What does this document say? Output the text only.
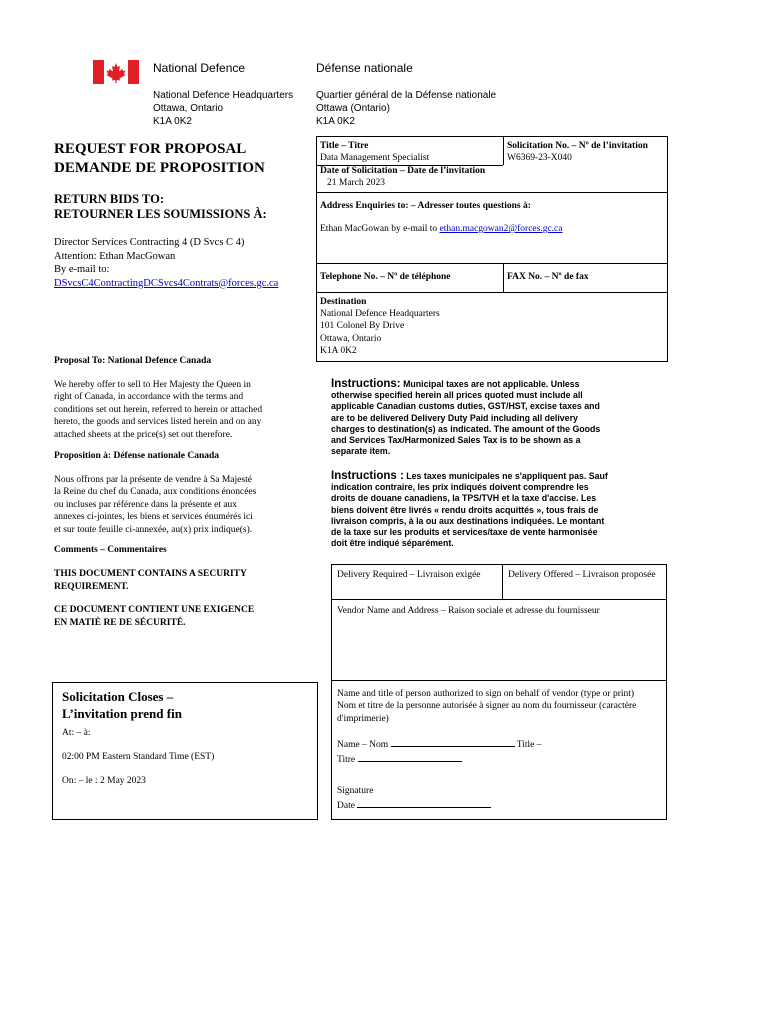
National Defence	Défense nationale
National Defence Headquarters
Ottawa, Ontario
K1A 0K2
Quartier général de la Défense nationale
Ottawa (Ontario)
K1A 0K2
REQUEST FOR PROPOSAL
DEMANDE DE PROPOSITION
RETURN BIDS TO:
RETOURNER LES SOUMISSIONS À:
Director Services Contracting 4 (D Svcs C 4)
Attention: Ethan MacGowan
By e-mail to:
DSvcsC4ContractingDCSvcs4Contrats@forces.gc.ca
Proposal To: National Defence Canada
We hereby offer to sell to Her Majesty the Queen in
right of Canada, in accordance with the terms and
conditions set out herein, referred to herein or attached
hereto, the goods and services listed herein and on any
attached sheets at the price(s) set out therefore.
Proposition à: Défense nationale Canada
Nous offrons par la présente de vendre à Sa Majesté
la Reine du chef du Canada, aux conditions énoncées
ou incluses par référence dans la présente et aux
annexes ci-jointes, les biens et services énumérés ici
et sur toute feuille ci-annexée, au(x) prix indique(s).
Comments – Commentaires
THIS DOCUMENT CONTAINS A SECURITY
REQUIREMENT.
CE DOCUMENT CONTIENT UNE EXIGENCE
EN MATIÈ RE DE SÉCURITÉ.
Solicitation Closes –
L’invitation prend fin
At: – à:
02:00 PM Eastern Standard Time (EST)
On: – le : 2 May 2023
Title – Titre
Data Management Specialist
Solicitation No. – Nº de l’invitation
W6369-23-X040
Date of Solicitation – Date de l’invitation
21 March 2023
Address Enquiries to: – Adresser toutes questions à:
Ethan MacGowan by e-mail to ethan.macgowan2@forces.gc.ca
Telephone No. – Nº de téléphone	FAX No. – Nº de fax
Destination
National Defence Headquarters
101 Colonel By Drive
Ottawa, Ontario
K1A 0K2
Instructions: Municipal taxes are not applicable. Unless
otherwise specified herein all prices quoted must include all
applicable Canadian customs duties, GST/HST, excise taxes and
are to be delivered Delivery Duty Paid including all delivery
charges to destination(s) as indicated. The amount of the Goods
and Services Tax/Harmonized Sales Tax is to be shown as a
separate item.
Instructions : Les taxes municipales ne s'appliquent pas. Sauf
indication contraire, les prix indiqués doivent comprendre les
droits de douane canadiens, la TPS/TVH et la taxe d'accise. Les
biens doivent être livrés « rendu droits acquittés », tous frais de
livraison compris, à la ou aux destinations indiquées. Le montant
de la taxe sur les produits et services/taxe de vente harmonisée
doit être indiqué séparément.
Delivery Required – Livraison exigée	Delivery Offered – Livraison proposée
Vendor Name and Address – Raison sociale et adresse du fournisseur
Name and title of person authorized to sign on behalf of vendor (type or print)
Nom et titre de la personne autorisée à signer au nom du fournisseur (caractère
d'imprimerie)
Name – Nom	Title –
Titre
Signature
Date
